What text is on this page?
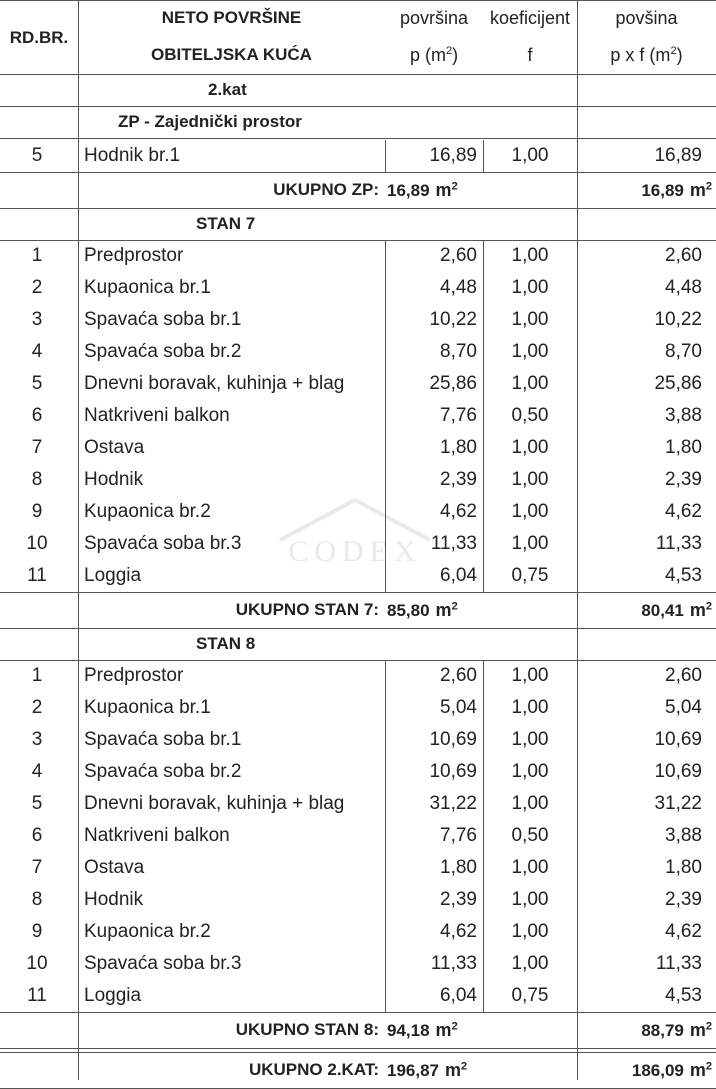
RD.BR.
NETO POVRŠINE
OBITELJSKA KUĆA
površina	koeficijent	povšina
p $(m^2)$	f	p x f $(m^2)$
2.kat
ZP - Zajednički prostor
5	Hodnik br.1	16,89	1,00	16,89
UKUPNO ZP: 16,89 $m^2$	16,89 $m^2$
STAN 7
1	Predprostor	2,60	1,00	2,60
2	Kupaonica br.1	4,48	1,00	4,48
3	Spavaća soba br.1	10,22	1,00	10,22
4	Spavaća soba br.2	8,70	1,00	8,70
5	Dnevni boravak, kuhinja + blag	25,86	1,00	25,86
6	Natkriveni balkon	7,76	0,50	3,88
7	Ostava	1,80	1,00	1,80
8	Hodnik	2,39	1,00	2,39
9	Kupaonica br.2	4,62	1,00	4,62
10	Spavaća soba br.3	11,33	1,00	11,33
11	Loggia	6,04	0,75	4,53
UKUPNO STAN 7: 85,80 $m^2$	80,41 $m^2$
STAN 8
1	Predprostor	2,60	1,00	2,60
2	Kupaonica br.1	5,04	1,00	5,04
3	Spavaća soba br.1	10,69	1,00	10,69
4	Spavaća soba br.2	10,69	1,00	10,69
5	Dnevni boravak, kuhinja + blag	31,22	1,00	31,22
6	Natkriveni balkon	7,76	0,50	3,88
7	Ostava	1,80	1,00	1,80
8	Hodnik	2,39	1,00	2,39
9	Kupaonica br.2	4,62	1,00	4,62
10	Spavaća soba br.3	11,33	1,00	11,33
11	Loggia	6,04	0,75	4,53
UKUPNO STAN 8: 94,18 $m^2$	88,79 $m^2$
UKUPNO 2.KAT: 196,87 $m^2$	186,09 $m^2$
CODEX
